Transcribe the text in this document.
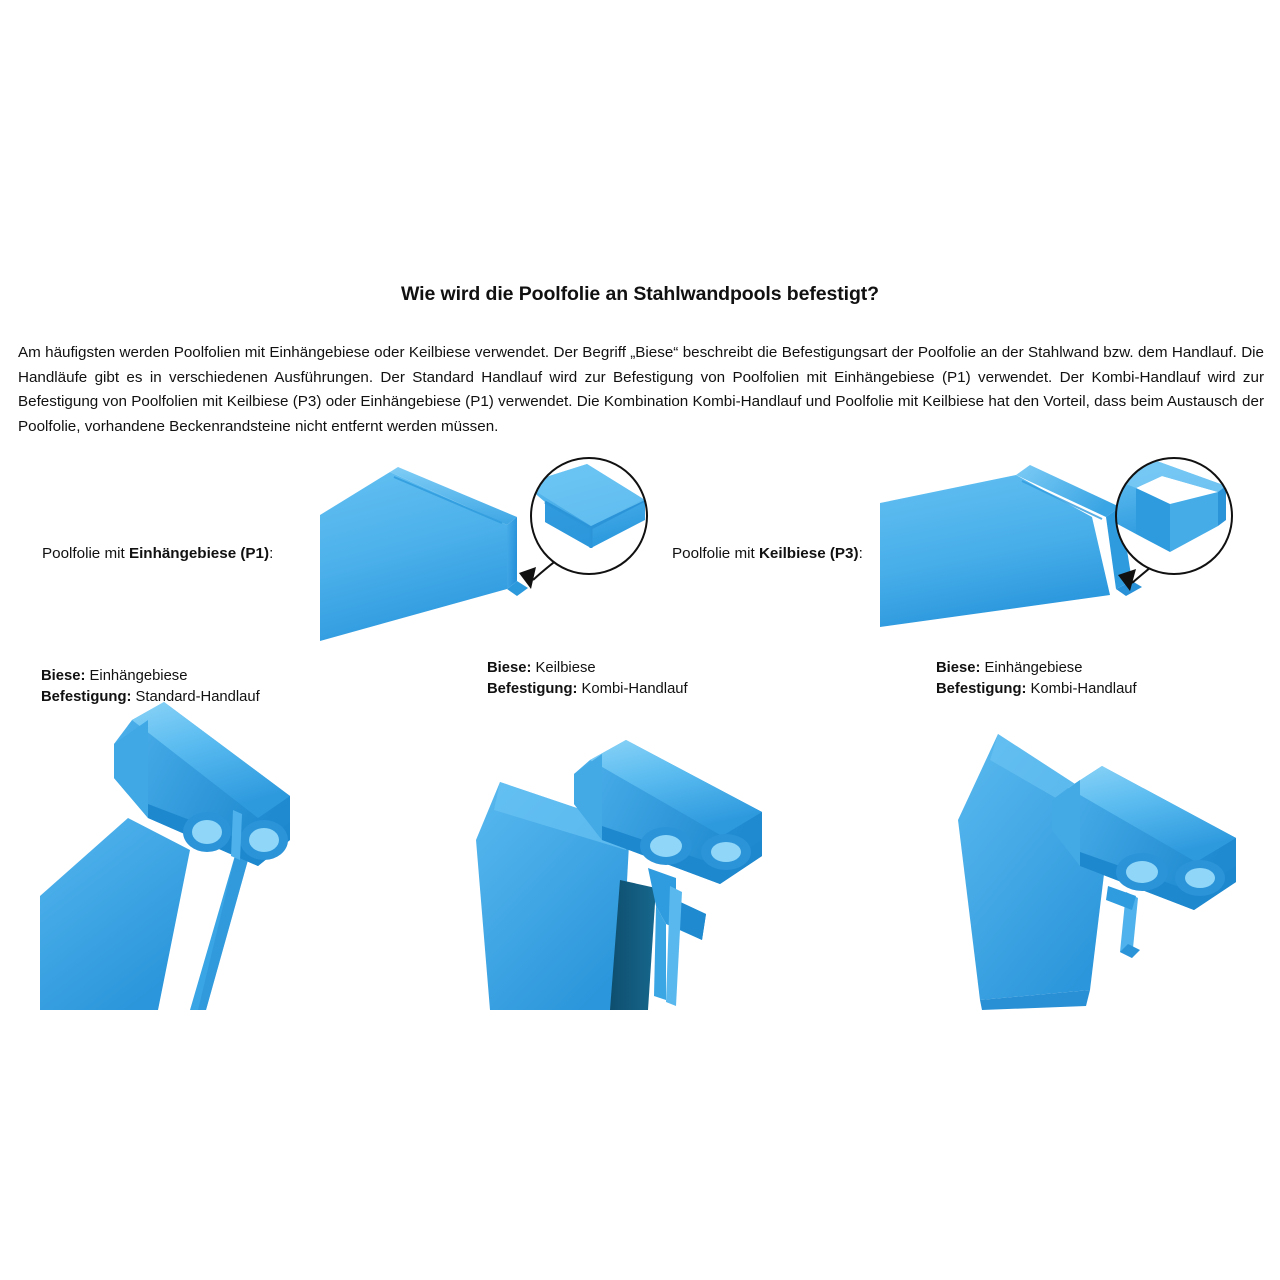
Wie wird die Poolfolie an Stahlwandpools befestigt?
Am häufigsten werden Poolfolien mit Einhängebiese oder Keilbiese verwendet. Der Begriff „Biese“ beschreibt die Befestigungsart der Poolfolie an der Stahlwand bzw. dem Handlauf. Die Handläufe gibt es in verschiedenen Ausführungen. Der Standard Handlauf wird zur Befestigung von Poolfolien mit Einhängebiese (P1) verwendet. Der Kombi-Handlauf wird zur Befestigung von Poolfolien mit Keilbiese (P3) oder Einhängebiese (P1) verwendet. Die Kombination Kombi-Handlauf und Poolfolie mit Keilbiese hat den Vorteil, dass beim Austausch der Poolfolie, vorhandene Beckenrandsteine nicht entfernt werden müssen.
Poolfolie mit Einhängebiese (P1):	Poolfolie mit Keilbiese (P3):
Biese: Einhängebiese
Befestigung: Standard-Handlauf
Biese: Keilbiese
Befestigung: Kombi-Handlauf
Biese: Einhängebiese
Befestigung: Kombi-Handlauf
